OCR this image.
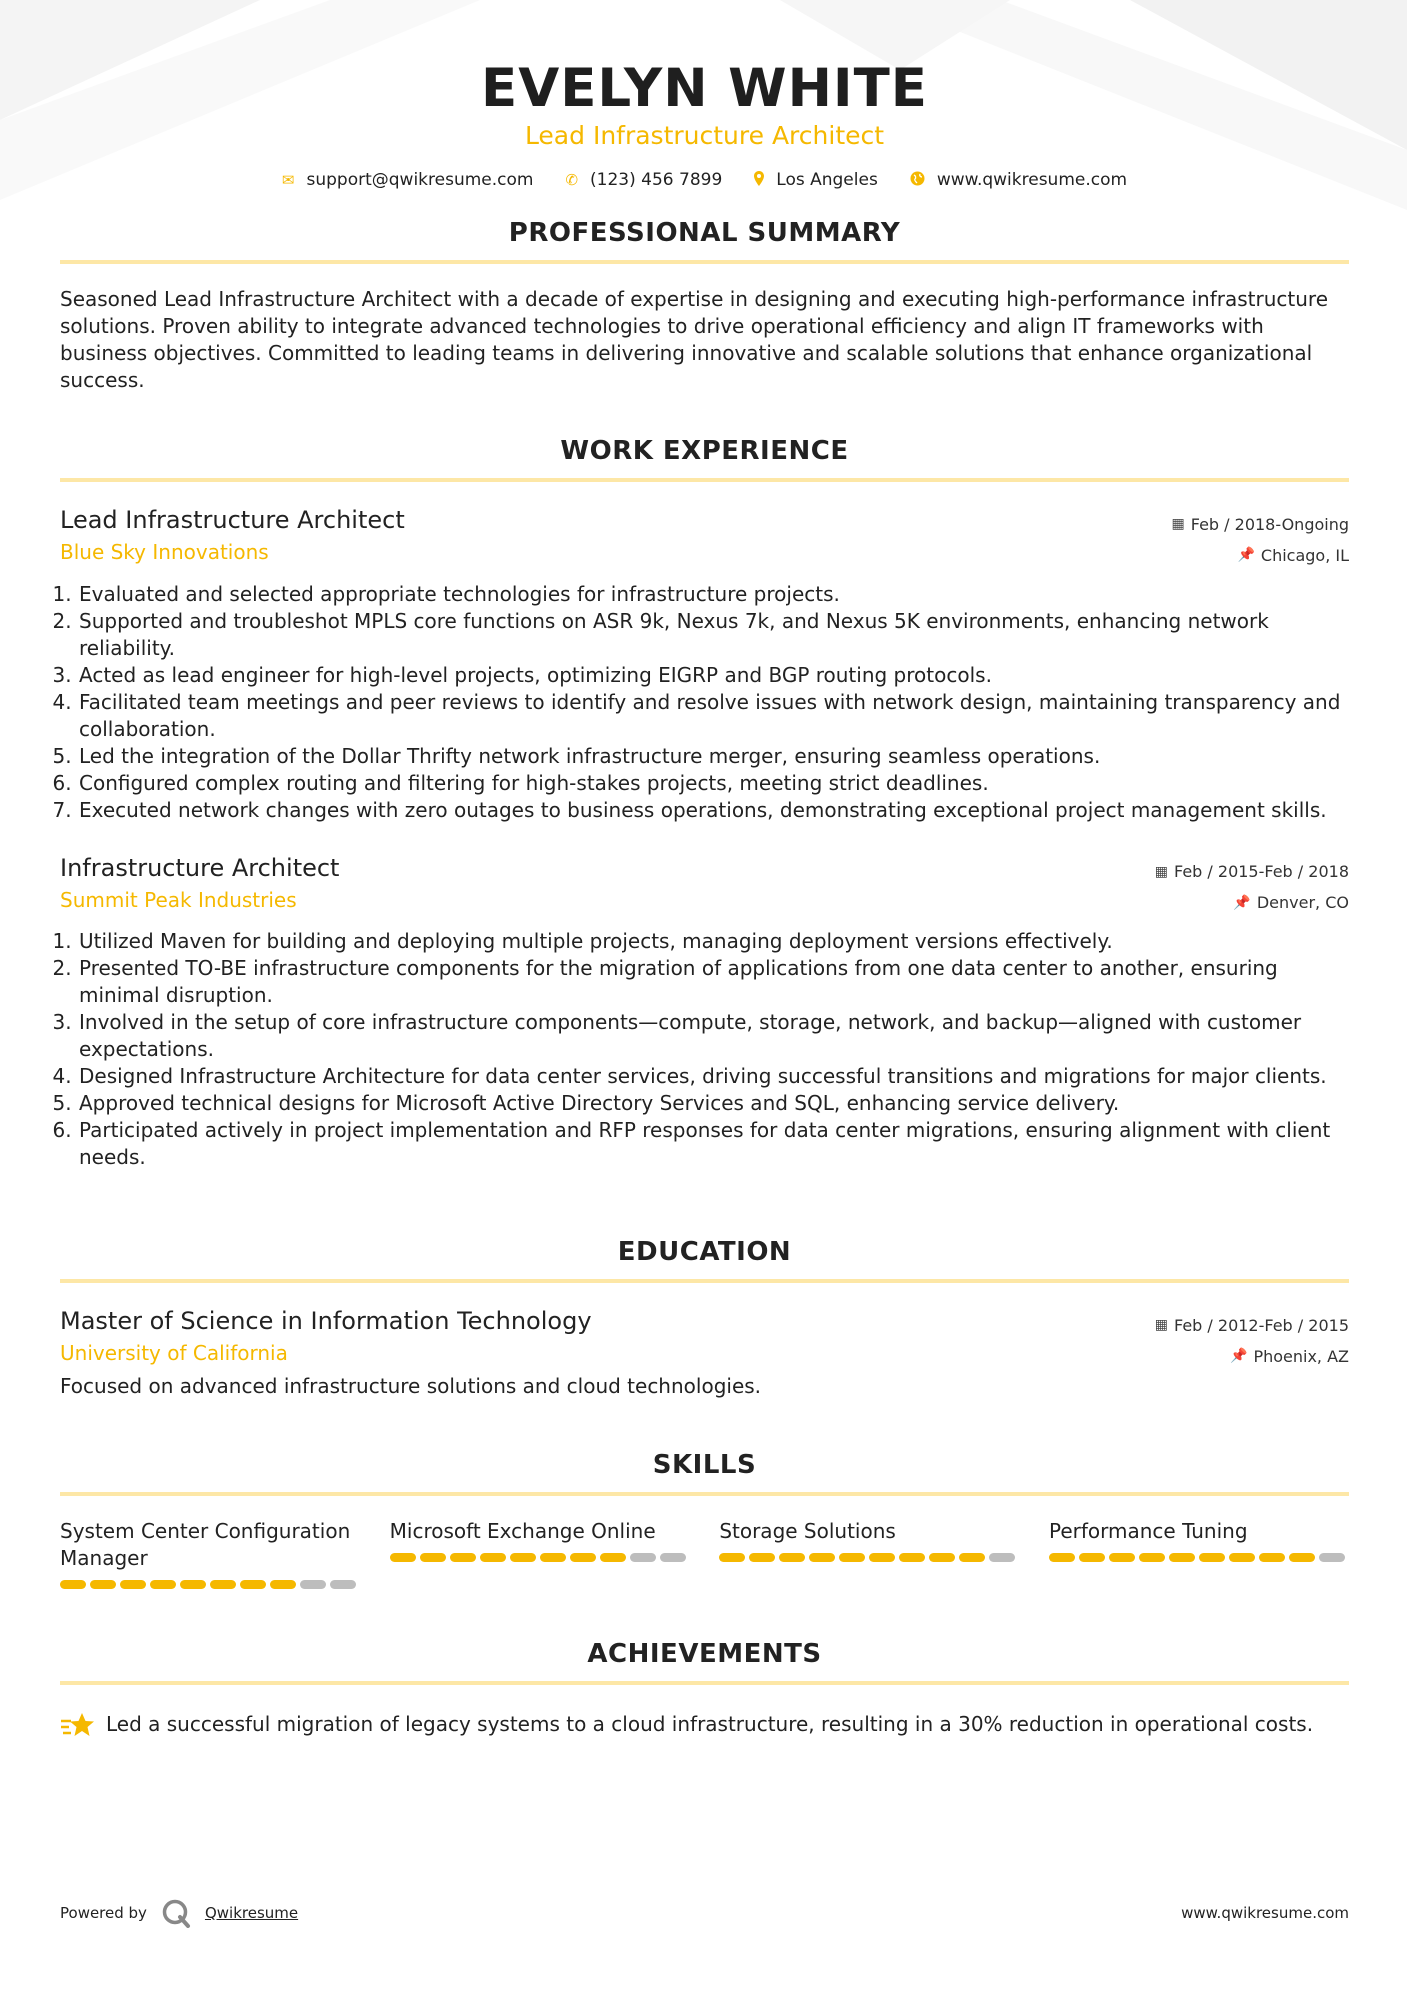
EVELYN WHITE
Lead Infrastructure Architect
✉ support@qwikresume.com ✆ (123) 456 7899	Los Angeles	www.qwikresume.com
PROFESSIONAL SUMMARY
Seasoned Lead Infrastructure Architect with a decade of expertise in designing and executing high-performance infrastructure solutions. Proven ability to integrate advanced technologies to drive operational efficiency and align IT frameworks with business objectives. Committed to leading teams in delivering innovative and scalable solutions that enhance organizational success.
WORK EXPERIENCE
Lead Infrastructure Architect	▦ Feb / 2018-Ongoing
Blue Sky Innovations	📌 Chicago, IL
1. Evaluated and selected appropriate technologies for infrastructure projects.
2. Supported and troubleshot MPLS core functions on ASR 9k, Nexus 7k, and Nexus 5K environments, enhancing network reliability.
3. Acted as lead engineer for high-level projects, optimizing EIGRP and BGP routing protocols.
4. Facilitated team meetings and peer reviews to identify and resolve issues with network design, maintaining transparency and collaboration.
5. Led the integration of the Dollar Thrifty network infrastructure merger, ensuring seamless operations.
6. Configured complex routing and filtering for high-stakes projects, meeting strict deadlines.
7. Executed network changes with zero outages to business operations, demonstrating exceptional project management skills.
Infrastructure Architect	▦ Feb / 2015-Feb / 2018
Summit Peak Industries	📌 Denver, CO
1. Utilized Maven for building and deploying multiple projects, managing deployment versions effectively.
2. Presented TO-BE infrastructure components for the migration of applications from one data center to another, ensuring minimal disruption.
3. Involved in the setup of core infrastructure components—compute, storage, network, and backup—aligned with customer expectations.
4. Designed Infrastructure Architecture for data center services, driving successful transitions and migrations for major clients.
5. Approved technical designs for Microsoft Active Directory Services and SQL, enhancing service delivery.
6. Participated actively in project implementation and RFP responses for data center migrations, ensuring alignment with client needs.
EDUCATION
Master of Science in Information Technology	▦ Feb / 2012-Feb / 2015
University of California	📌 Phoenix, AZ
Focused on advanced infrastructure solutions and cloud technologies.
SKILLS
System Center Configuration Manager
Microsoft Exchange Online	Storage Solutions	Performance Tuning
ACHIEVEMENTS
Led a successful migration of legacy systems to a cloud infrastructure, resulting in a 30% reduction in operational costs.
Powered by	Qwikresume	www.qwikresume.com
